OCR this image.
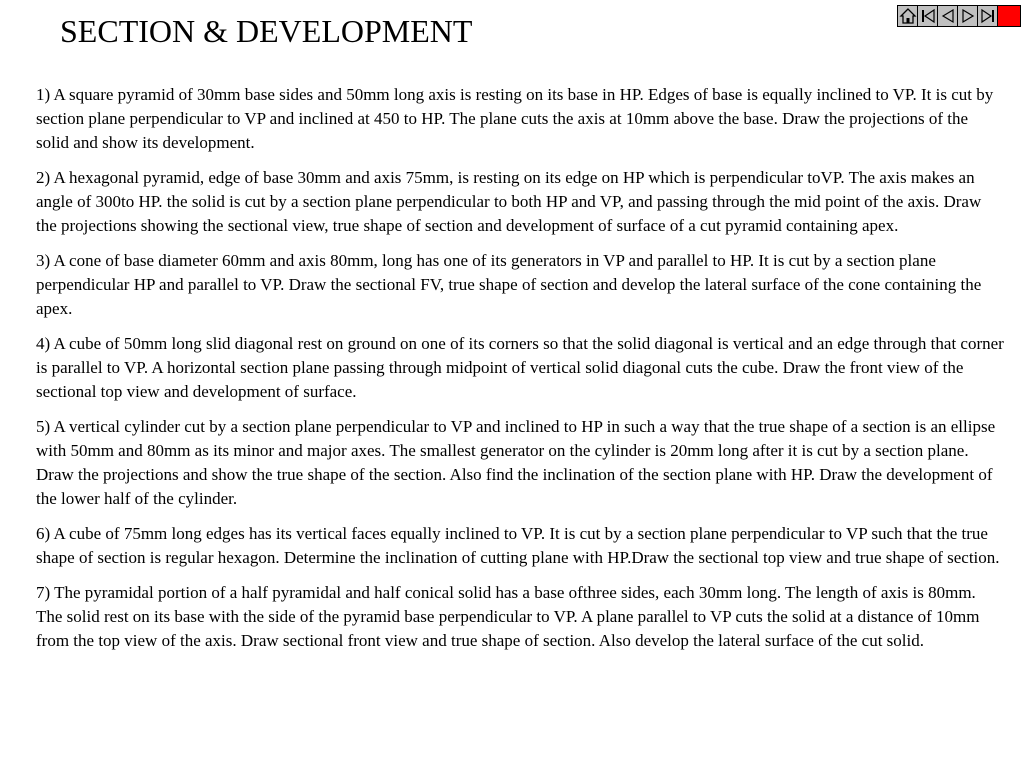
SECTION & DEVELOPMENT

1) A square pyramid of 30mm base sides and 50mm long axis is resting on its base in HP. Edges of base is equally inclined to VP. It is cut by section plane perpendicular to VP and inclined at 450 to HP. The plane cuts the axis at 10mm above the base. Draw the projections of the solid and show its development.

2) A hexagonal pyramid, edge of base 30mm and axis 75mm, is resting on its edge on HP which is perpendicular toVP. The axis makes an angle of 300to HP. the solid is cut by a section plane perpendicular to both HP and VP, and passing through the mid point of the axis. Draw the projections showing the sectional view, true shape of section and development of surface of a cut pyramid containing apex.

3) A cone of base diameter 60mm and axis 80mm, long has one of its generators in VP and parallel to HP. It is cut by a section plane perpendicular HP and parallel to VP. Draw the sectional FV, true shape of section and develop the lateral surface of the cone containing the apex.

4) A cube of 50mm long slid diagonal rest on ground on one of its corners so that the solid diagonal is vertical and an edge through that corner is parallel to VP. A horizontal section plane passing through midpoint of vertical solid diagonal cuts the cube. Draw the front view of the sectional top view and development of surface.

5) A vertical cylinder cut by a section plane perpendicular to VP and inclined to HP in such a way that the true shape of a section is an ellipse with 50mm and 80mm as its minor and major axes. The smallest generator on the cylinder is 20mm long after it is cut by a section plane. Draw the projections and show the true shape of the section. Also find the inclination of the section plane with HP. Draw the development of the lower half of the cylinder.

6) A cube of 75mm long edges has its vertical faces equally inclined to VP. It is cut by a section plane perpendicular to VP such that the true shape of section is regular hexagon. Determine the inclination of cutting plane with HP.Draw the sectional top view and true shape of section.

7) The pyramidal portion of a half pyramidal and half conical solid has a base ofthree sides, each 30mm long. The length of axis is 80mm. The solid rest on its base with the side of the pyramid base perpendicular to VP. A plane parallel to VP cuts the solid at a distance of 10mm from the top view of the axis. Draw sectional front view and true shape of section. Also develop the lateral surface of the cut solid.
